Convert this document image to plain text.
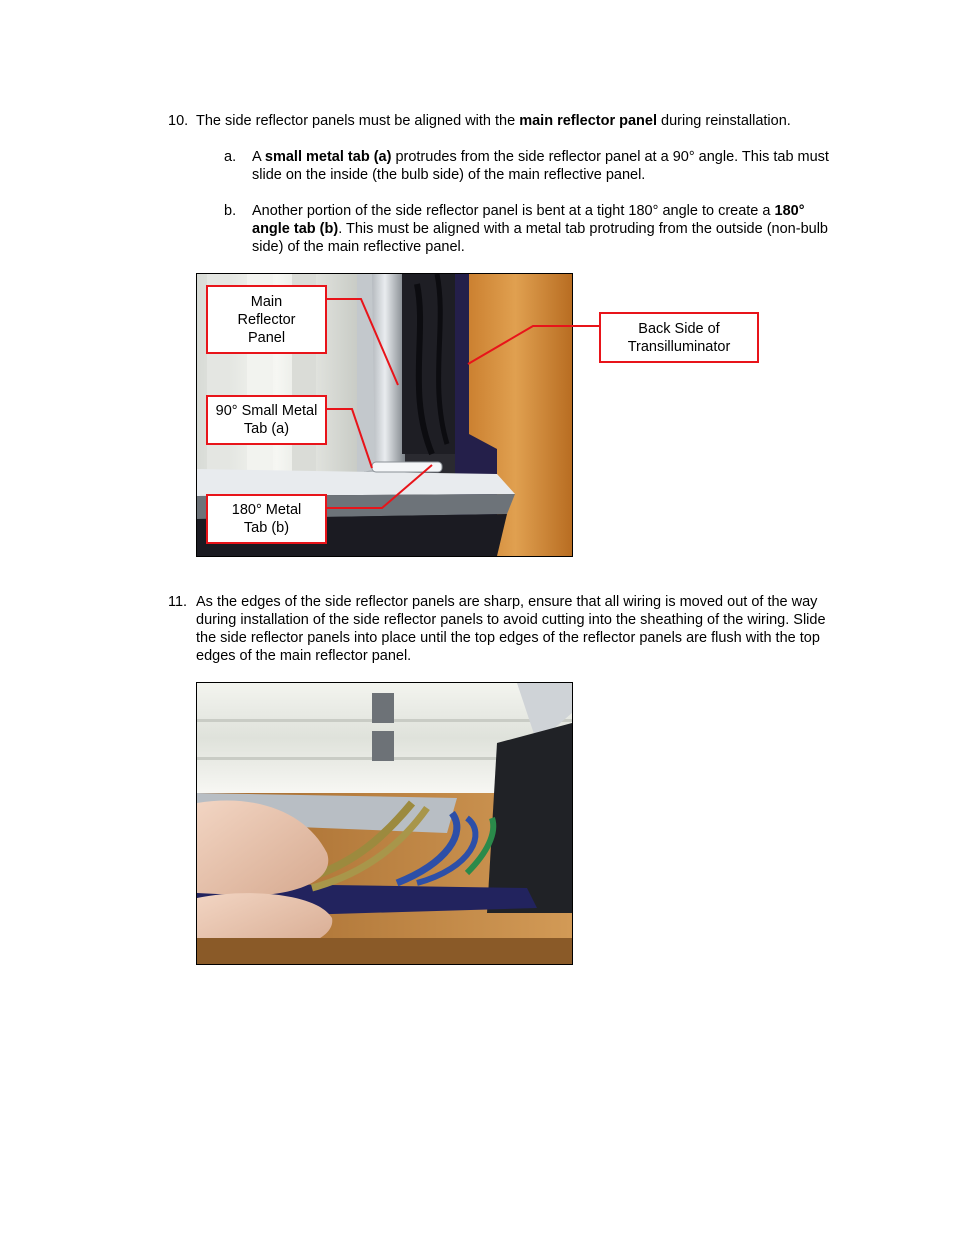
10. The side reflector panels must be aligned with the main reflector panel during reinstallation.
a. A small metal tab (a) protrudes from the side reflector panel at a 90° angle. This tab must slide on the inside (the bulb side) of the main reflective panel.
b. Another portion of the side reflector panel is bent at a tight 180° angle to create a 180° angle tab (b). This must be aligned with a metal tab protruding from the outside (non-bulb side) of the main reflective panel.
Main Reflector Panel
90° Small Metal Tab (a)
180° Metal Tab (b)
Back Side of Transilluminator
11. As the edges of the side reflector panels are sharp, ensure that all wiring is moved out of the way during installation of the side reflector panels to avoid cutting into the sheathing of the wiring. Slide the side reflector panels into place until the top edges of the reflector panels are flush with the top edges of the main reflector panel.
